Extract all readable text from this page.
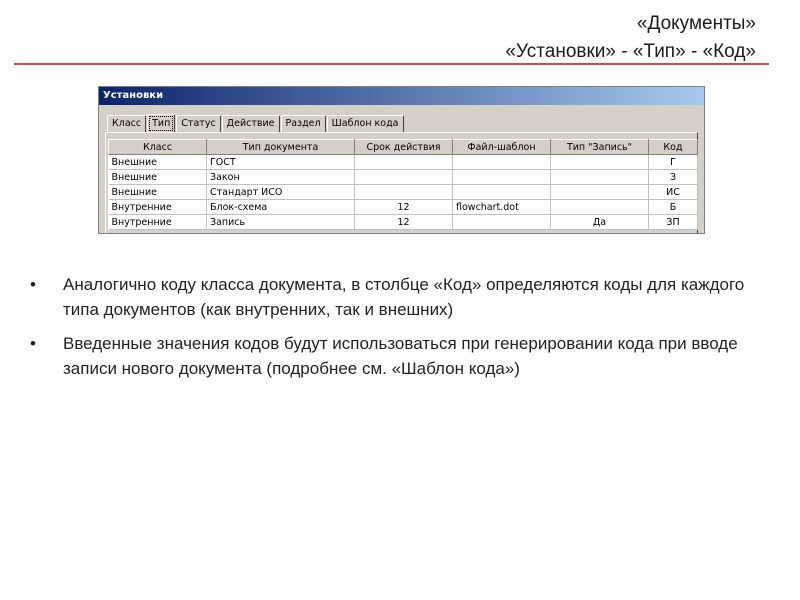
«Документы»
«Установки» - «Тип» - «Код»
Установки
Класс	Тип	Статус	Действие	Раздел	Шаблон кода
Класс	Тип документа	Срок действия	Файл-шаблон	Тип "Запись"	Код
Внешние	ГОСТ				Г
Внешние	Закон				З
Внешние	Стандарт ИСО				ИС
Внутренние	Блок-схема	12	flowchart.dot		Б
Внутренние	Запись	12		Да	ЗП
• Аналогично коду класса документа, в столбце «Код» определяются коды для каждого типа документов (как внутренних, так и внешних)
• Введенные значения кодов будут использоваться при генерировании кода при вводе записи нового документа (подробнее см. «Шаблон кода»)
